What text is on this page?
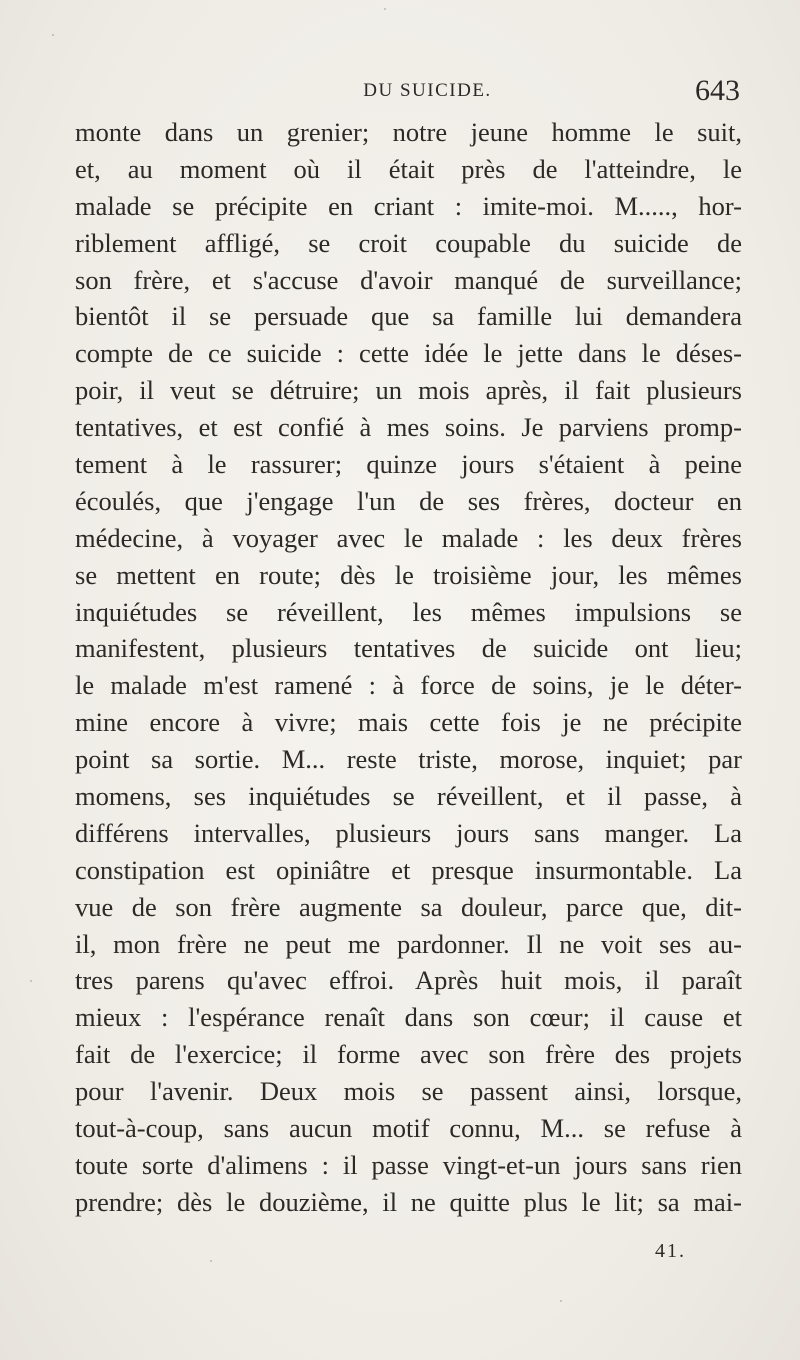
DU SUICIDE.	643
monte dans un grenier; notre jeune homme le suit,
et, au moment où il était près de l'atteindre, le
malade se précipite en criant : imite-moi. M....., hor-
riblement affligé, se croit coupable du suicide de
son frère, et s'accuse d'avoir manqué de surveillance;
bientôt il se persuade que sa famille lui demandera
compte de ce suicide : cette idée le jette dans le déses-
poir, il veut se détruire; un mois après, il fait plusieurs
tentatives, et est confié à mes soins. Je parviens promp-
tement à le rassurer; quinze jours s'étaient à peine
écoulés, que j'engage l'un de ses frères, docteur en
médecine, à voyager avec le malade : les deux frères
se mettent en route; dès le troisième jour, les mêmes
inquiétudes se réveillent, les mêmes impulsions se
manifestent, plusieurs tentatives de suicide ont lieu;
le malade m'est ramené : à force de soins, je le déter-
mine encore à vivre; mais cette fois je ne précipite
point sa sortie. M... reste triste, morose, inquiet; par
momens, ses inquiétudes se réveillent, et il passe, à
différens intervalles, plusieurs jours sans manger. La
constipation est opiniâtre et presque insurmontable. La
vue de son frère augmente sa douleur, parce que, dit-
il, mon frère ne peut me pardonner. Il ne voit ses au-
tres parens qu'avec effroi. Après huit mois, il paraît
mieux : l'espérance renaît dans son cœur; il cause et
fait de l'exercice; il forme avec son frère des projets
pour l'avenir. Deux mois se passent ainsi, lorsque,
tout-à-coup, sans aucun motif connu, M... se refuse à
toute sorte d'alimens : il passe vingt-et-un jours sans rien
prendre; dès le douzième, il ne quitte plus le lit; sa mai-
41.
